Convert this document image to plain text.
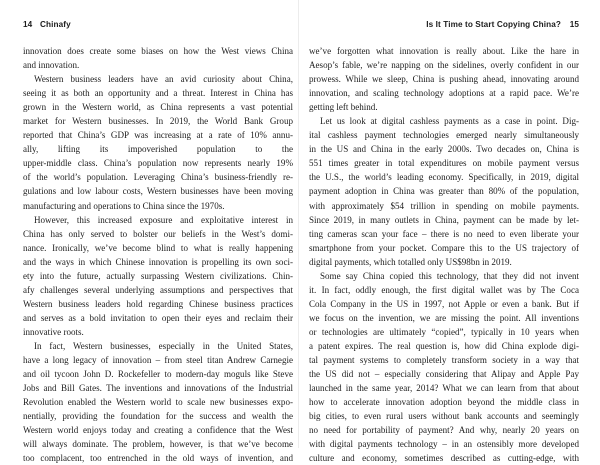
14 Chinafy
innovation does create some biases on how the West views China
and innovation.
Western business leaders have an avid curiosity about China,
seeing it as both an opportunity and a threat. Interest in China has
grown in the Western world, as China represents a vast potential
market for Western businesses. In 2019, the World Bank Group
reported that China’s GDP was increasing at a rate of 10% annu-
ally, lifting its impoverished population to the
upper-middle class. China’s population now represents nearly 19%
of the world’s population. Leveraging China’s business-friendly re-
gulations and low labour costs, Western businesses have been moving
manufacturing and operations to China since the 1970s.
However, this increased exposure and exploitative interest in
China has only served to bolster our beliefs in the West’s domi-
nance. Ironically, we’ve become blind to what is really happening
and the ways in which Chinese innovation is propelling its own soci-
ety into the future, actually surpassing Western civilizations. Chin-
afy challenges several underlying assumptions and perspectives that
Western business leaders hold regarding Chinese business practices
and serves as a bold invitation to open their eyes and reclaim their
innovative roots.
In fact, Western businesses, especially in the United States,
have a long legacy of innovation – from steel titan Andrew Carnegie
and oil tycoon John D. Rockefeller to modern-day moguls like Steve
Jobs and Bill Gates. The inventions and innovations of the Industrial
Revolution enabled the Western world to scale new businesses expo-
nentially, providing the foundation for the success and wealth the
Western world enjoys today and creating a confidence that the West
will always dominate. The problem, however, is that we’ve become
too complacent, too entrenched in the old ways of invention, and
Is It Time to Start Copying China? 15
we’ve forgotten what innovation is really about. Like the hare in
Aesop’s fable, we’re napping on the sidelines, overly confident in our
prowess. While we sleep, China is pushing ahead, innovating around
innovation, and scaling technology adoptions at a rapid pace. We’re
getting left behind.
Let us look at digital cashless payments as a case in point. Dig-
ital cashless payment technologies emerged nearly simultaneously
in the US and China in the early 2000s. Two decades on, China is
551 times greater in total expenditures on mobile payment versus
the U.S., the world’s leading economy. Specifically, in 2019, digital
payment adoption in China was greater than 80% of the population,
with approximately $54 trillion in spending on mobile payments.
Since 2019, in many outlets in China, payment can be made by let-
ting cameras scan your face – there is no need to even liberate your
smartphone from your pocket. Compare this to the US trajectory of
digital payments, which totalled only US$98bn in 2019.
Some say China copied this technology, that they did not invent
it. In fact, oddly enough, the first digital wallet was by The Coca
Cola Company in the US in 1997, not Apple or even a bank. But if
we focus on the invention, we are missing the point. All inventions
or technologies are ultimately “copied”, typically in 10 years when
a patent expires. The real question is, how did China explode digi-
tal payment systems to completely transform society in a way that
the US did not – especially considering that Alipay and Apple Pay
launched in the same year, 2014? What we can learn from that about
how to accelerate innovation adoption beyond the middle class in
big cities, to even rural users without bank accounts and seemingly
no need for portability of payment? And why, nearly 20 years on
with digital payments technology – in an ostensibly more developed
culture and economy, sometimes described as cutting-edge, with
